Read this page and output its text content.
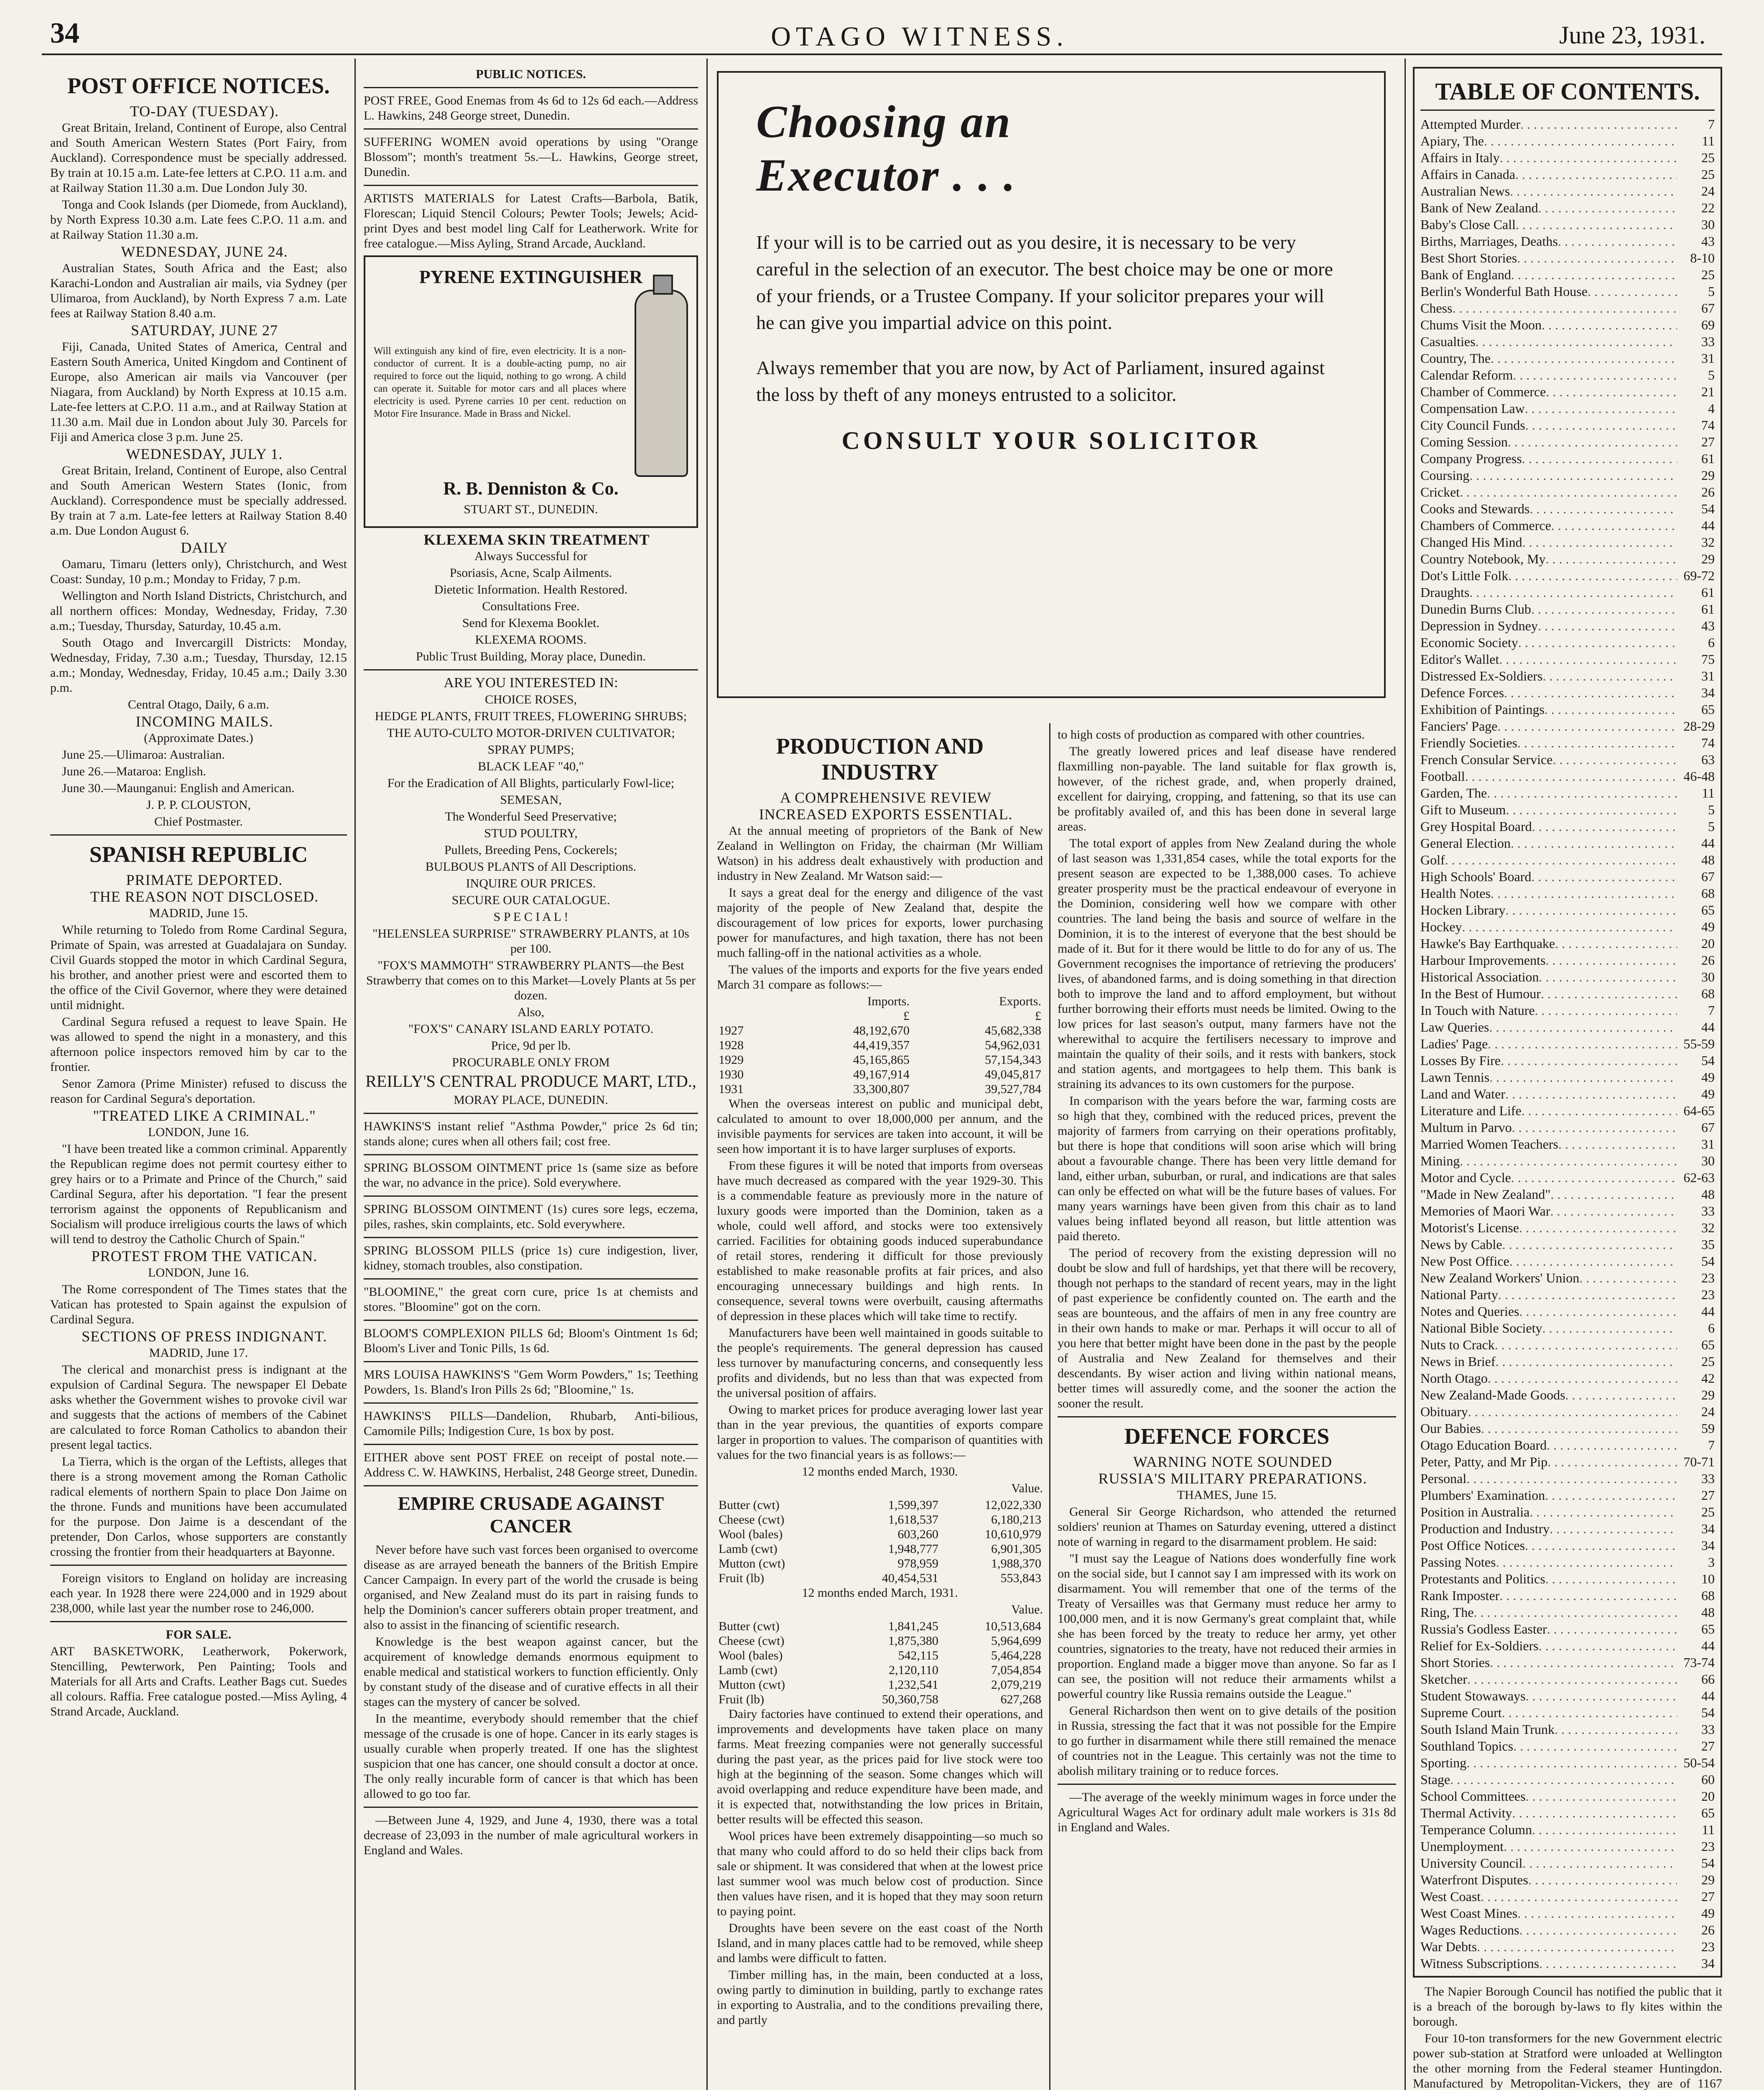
34	OTAGO WITNESS.	June 23, 1931.
POST OFFICE NOTICES.

TO-DAY (TUESDAY).

Great Britain, Ireland, Continent of Europe, also Central and South American Western States (Port Fairy, from Auckland). Correspondence must be specially addressed. By train at 10.15 a.m. Late-fee letters at C.P.O. 11 a.m. and at Railway Station 11.30 a.m. Due London July 30.

Tonga and Cook Islands (per Diomede, from Auckland), by North Express 10.30 a.m. Late fees C.P.O. 11 a.m. and at Railway Station 11.30 a.m.

WEDNESDAY, JUNE 24.

Australian States, South Africa and the East; also Karachi-London and Australian air mails, via Sydney (per Ulimaroa, from Auckland), by North Express 7 a.m. Late fees at Railway Station 8.40 a.m.

SATURDAY, JUNE 27

Fiji, Canada, United States of America, Central and Eastern South America, United Kingdom and Continent of Europe, also American air mails via Vancouver (per Niagara, from Auckland) by North Express at 10.15 a.m. Late-fee letters at C.P.O. 11 a.m., and at Railway Station at 11.30 a.m. Mail due in London about July 30. Parcels for Fiji and America close 3 p.m. June 25.

WEDNESDAY, JULY 1.

Great Britain, Ireland, Continent of Europe, also Central and South American Western States (Ionic, from Auckland). Correspondence must be specially addressed. By train at 7 a.m. Late-fee letters at Railway Station 8.40 a.m. Due London August 6.

DAILY

Oamaru, Timaru (letters only), Christchurch, and West Coast: Sunday, 10 p.m.; Monday to Friday, 7 p.m.

Wellington and North Island Districts, Christchurch, and all northern offices: Monday, Wednesday, Friday, 7.30 a.m.; Tuesday, Thursday, Saturday, 10.45 a.m.

South Otago and Invercargill Districts: Monday, Wednesday, Friday, 7.30 a.m.; Tuesday, Thursday, 12.15 a.m.; Monday, Wednesday, Friday, 10.45 a.m.; Daily 3.30 p.m.

Central Otago, Daily, 6 a.m.

INCOMING MAILS.

(Approximate Dates.)

June 25.—Ulimaroa: Australian.

June 26.—Mataroa: English.

June 30.—Maunganui: English and American.

J. P. P. CLOUSTON,

Chief Postmaster.

SPANISH REPUBLIC

PRIMATE DEPORTED.

THE REASON NOT DISCLOSED.

MADRID, June 15.

While returning to Toledo from Rome Cardinal Segura, Primate of Spain, was arrested at Guadalajara on Sunday. Civil Guards stopped the motor in which Cardinal Segura, his brother, and another priest were and escorted them to the office of the Civil Governor, where they were detained until midnight.

Cardinal Segura refused a request to leave Spain. He was allowed to spend the night in a monastery, and this afternoon police inspectors removed him by car to the frontier.

Senor Zamora (Prime Minister) refused to discuss the reason for Cardinal Segura's deportation.

"TREATED LIKE A CRIMINAL."

LONDON, June 16.

"I have been treated like a common criminal. Apparently the Republican regime does not permit courtesy either to grey hairs or to a Primate and Prince of the Church," said Cardinal Segura, after his deportation. "I fear the present terrorism against the opponents of Republicanism and Socialism will produce irreligious courts the laws of which will tend to destroy the Catholic Church of Spain."

PROTEST FROM THE VATICAN.

LONDON, June 16.

The Rome correspondent of The Times states that the Vatican has protested to Spain against the expulsion of Cardinal Segura.

SECTIONS OF PRESS INDIGNANT.

MADRID, June 17.

The clerical and monarchist press is indignant at the expulsion of Cardinal Segura. The newspaper El Debate asks whether the Government wishes to provoke civil war and suggests that the actions of members of the Cabinet are calculated to force Roman Catholics to abandon their present legal tactics.

La Tierra, which is the organ of the Leftists, alleges that there is a strong movement among the Roman Catholic radical elements of northern Spain to place Don Jaime on the throne. Funds and munitions have been accumulated for the purpose. Don Jaime is a descendant of the pretender, Don Carlos, whose supporters are constantly crossing the frontier from their headquarters at Bayonne.

Foreign visitors to England on holiday are increasing each year. In 1928 there were 224,000 and in 1929 about 238,000, while last year the number rose to 246,000.

FOR SALE.

ART BASKETWORK, Leatherwork, Pokerwork, Stencilling, Pewterwork, Pen Painting; Tools and Materials for all Arts and Crafts. Leather Bags cut. Suedes all colours. Raffia. Free catalogue posted.—Miss Ayling, 4 Strand Arcade, Auckland.

PUBLIC NOTICES.

POST FREE, Good Enemas from 4s 6d to 12s 6d each.—Address L. Hawkins, 248 George street, Dunedin.

SUFFERING WOMEN avoid operations by using "Orange Blossom"; month's treatment 5s.—L. Hawkins, George street, Dunedin.

ARTISTS MATERIALS for Latest Crafts—Barbola, Batik, Florescan; Liquid Stencil Colours; Pewter Tools; Jewels; Acid-print Dyes and best model ling Calf for Leatherwork. Write for free catalogue.—Miss Ayling, Strand Arcade, Auckland.

PYRENE EXTINGUISHER

Will extinguish any kind of fire, even electricity. It is a non-conductor of current. It is a double-acting pump, no air required to force out the liquid, nothing to go wrong. A child can operate it. Suitable for motor cars and all places where electricity is used. Pyrene carries 10 per cent. reduction on Motor Fire Insurance. Made in Brass and Nickel.

R. B. Denniston & Co.

STUART ST., DUNEDIN.

KLEXEMA SKIN TREATMENT

Always Successful for

Psoriasis, Acne, Scalp Ailments.

Dietetic Information. Health Restored.

Consultations Free.

Send for Klexema Booklet.

KLEXEMA ROOMS.

Public Trust Building, Moray place, Dunedin.

ARE YOU INTERESTED IN:

CHOICE ROSES,

HEDGE PLANTS, FRUIT TREES, FLOWERING SHRUBS;

THE AUTO-CULTO MOTOR-DRIVEN CULTIVATOR;

SPRAY PUMPS;

BLACK LEAF "40,"

For the Eradication of All Blights, particularly Fowl-lice;

SEMESAN,

The Wonderful Seed Preservative;

STUD POULTRY,

Pullets, Breeding Pens, Cockerels;

BULBOUS PLANTS of All Descriptions.

INQUIRE OUR PRICES.

SECURE OUR CATALOGUE.

S P E C I A L !

"HELENSLEA SURPRISE" STRAWBERRY PLANTS, at 10s per 100.

"FOX'S MAMMOTH" STRAWBERRY PLANTS—the Best Strawberry that comes on to this Market—Lovely Plants at 5s per dozen.

Also,

"FOX'S" CANARY ISLAND EARLY POTATO.

Price, 9d per lb.

PROCURABLE ONLY FROM

REILLY'S CENTRAL PRODUCE MART, LTD.,

MORAY PLACE, DUNEDIN.

HAWKINS'S instant relief "Asthma Powder," price 2s 6d tin; stands alone; cures when all others fail; cost free.

SPRING BLOSSOM OINTMENT price 1s (same size as before the war, no advance in the price). Sold everywhere.

SPRING BLOSSOM OINTMENT (1s) cures sore legs, eczema, piles, rashes, skin complaints, etc. Sold everywhere.

SPRING BLOSSOM PILLS (price 1s) cure indigestion, liver, kidney, stomach troubles, also constipation.

"BLOOMINE," the great corn cure, price 1s at chemists and stores. "Bloomine" got on the corn.

BLOOM'S COMPLEXION PILLS 6d; Bloom's Ointment 1s 6d; Bloom's Liver and Tonic Pills, 1s 6d.

MRS LOUISA HAWKINS'S "Gem Worm Powders," 1s; Teething Powders, 1s. Bland's Iron Pills 2s 6d; "Bloomine," 1s.

HAWKINS'S PILLS—Dandelion, Rhubarb, Anti-bilious, Camomile Pills; Indigestion Cure, 1s box by post.

EITHER above sent POST FREE on receipt of postal note.—Address C. W. HAWKINS, Herbalist, 248 George street, Dunedin.

EMPIRE CRUSADE AGAINST CANCER

Never before have such vast forces been organised to overcome disease as are arrayed beneath the banners of the British Empire Cancer Campaign. In every part of the world the crusade is being organised, and New Zealand must do its part in raising funds to help the Dominion's cancer sufferers obtain proper treatment, and also to assist in the financing of scientific research.

Knowledge is the best weapon against cancer, but the acquirement of knowledge demands enormous equipment to enable medical and statistical workers to function efficiently. Only by constant study of the disease and of curative effects in all their stages can the mystery of cancer be solved.

In the meantime, everybody should remember that the chief message of the crusade is one of hope. Cancer in its early stages is usually curable when properly treated. If one has the slightest suspicion that one has cancer, one should consult a doctor at once. The only really incurable form of cancer is that which has been allowed to go too far.

—Between June 4, 1929, and June 4, 1930, there was a total decrease of 23,093 in the number of male agricultural workers in England and Wales.

Choosing an
Executor . . .

If your will is to be carried out as you desire, it is necessary to be very careful in the selection of an executor. The best choice may be one or more of your friends, or a Trustee Company. If your solicitor prepares your will he can give you impartial advice on this point.

Always remember that you are now, by Act of Parliament, insured against the loss by theft of any moneys entrusted to a solicitor.

CONSULT YOUR SOLICITOR
PRODUCTION AND INDUSTRY

A COMPREHENSIVE REVIEW

INCREASED EXPORTS ESSENTIAL.

At the annual meeting of proprietors of the Bank of New Zealand in Wellington on Friday, the chairman (Mr William Watson) in his address dealt exhaustively with production and industry in New Zealand. Mr Watson said:—

It says a great deal for the energy and diligence of the vast majority of the people of New Zealand that, despite the discouragement of low prices for exports, lower purchasing power for manufactures, and high taxation, there has not been much falling-off in the national activities as a whole.

The values of the imports and exports for the five years ended March 31 compare as follows:—

	Imports.	Exports.
	£	£
1927	48,192,670	45,682,338
1928	44,419,357	54,962,031
1929	45,165,865	57,154,343
1930	49,167,914	49,045,817
1931	33,300,807	39,527,784

When the overseas interest on public and municipal debt, calculated to amount to over 18,000,000 per annum, and the invisible payments for services are taken into account, it will be seen how important it is to have larger surpluses of exports.

From these figures it will be noted that imports from overseas have much decreased as compared with the year 1929-30. This is a commendable feature as previously more in the nature of luxury goods were imported than the Dominion, taken as a whole, could well afford, and stocks were too extensively carried. Facilities for obtaining goods induced superabundance of retail stores, rendering it difficult for those previously established to make reasonable profits at fair prices, and also encouraging unnecessary buildings and high rents. In consequence, several towns were overbuilt, causing aftermaths of depression in these places which will take time to rectify.

Manufacturers have been well maintained in goods suitable to the people's requirements. The general depression has caused less turnover by manufacturing concerns, and consequently less profits and dividends, but no less than that was expected from the universal position of affairs.

Owing to market prices for produce averaging lower last year than in the year previous, the quantities of exports compare larger in proportion to values. The comparison of quantities with values for the two financial years is as follows:—

12 months ended March, 1930.

Value.

Butter (cwt)	1,599,397	12,022,330
Cheese (cwt)	1,618,537	6,180,213
Wool (bales)	603,260	10,610,979
Lamb (cwt)	1,948,777	6,901,305
Mutton (cwt)	978,959	1,988,370
Fruit (lb)	40,454,531	553,843

12 months ended March, 1931.

Value.

Butter (cwt)	1,841,245	10,513,684
Cheese (cwt)	1,875,380	5,964,699
Wool (bales)	542,115	5,464,228
Lamb (cwt)	2,120,110	7,054,854
Mutton (cwt)	1,232,541	2,079,219
Fruit (lb)	50,360,758	627,268

Dairy factories have continued to extend their operations, and improvements and developments have taken place on many farms. Meat freezing companies were not generally successful during the past year, as the prices paid for live stock were too high at the beginning of the season. Some changes which will avoid overlapping and reduce expenditure have been made, and it is expected that, notwithstanding the low prices in Britain, better results will be effected this season.

Wool prices have been extremely disappointing—so much so that many who could afford to do so held their clips back from sale or shipment. It was considered that when at the lowest price last summer wool was much below cost of production. Since then values have risen, and it is hoped that they may soon return to paying point.

Droughts have been severe on the east coast of the North Island, and in many places cattle had to be removed, while sheep and lambs were difficult to fatten.

Timber milling has, in the main, been conducted at a loss, owing partly to diminution in building, partly to exchange rates in exporting to Australia, and to the conditions prevailing there, and partly

to high costs of production as compared with other countries.

The greatly lowered prices and leaf disease have rendered flaxmilling non-payable. The land suitable for flax growth is, however, of the richest grade, and, when properly drained, excellent for dairying, cropping, and fattening, so that its use can be profitably availed of, and this has been done in several large areas.

The total export of apples from New Zealand during the whole of last season was 1,331,854 cases, while the total exports for the present season are expected to be 1,388,000 cases. To achieve greater prosperity must be the practical endeavour of everyone in the Dominion, considering well how we compare with other countries. The land being the basis and source of welfare in the Dominion, it is to the interest of everyone that the best should be made of it. But for it there would be little to do for any of us. The Government recognises the importance of retrieving the producers' lives, of abandoned farms, and is doing something in that direction both to improve the land and to afford employment, but without further borrowing their efforts must needs be limited. Owing to the low prices for last season's output, many farmers have not the wherewithal to acquire the fertilisers necessary to improve and maintain the quality of their soils, and it rests with bankers, stock and station agents, and mortgagees to help them. This bank is straining its advances to its own customers for the purpose.

In comparison with the years before the war, farming costs are so high that they, combined with the reduced prices, prevent the majority of farmers from carrying on their operations profitably, but there is hope that conditions will soon arise which will bring about a favourable change. There has been very little demand for land, either urban, suburban, or rural, and indications are that sales can only be effected on what will be the future bases of values. For many years warnings have been given from this chair as to land values being inflated beyond all reason, but little attention was paid thereto.

The period of recovery from the existing depression will no doubt be slow and full of hardships, yet that there will be recovery, though not perhaps to the standard of recent years, may in the light of past experience be confidently counted on. The earth and the seas are bounteous, and the affairs of men in any free country are in their own hands to make or mar. Perhaps it will occur to all of you here that better might have been done in the past by the people of Australia and New Zealand for themselves and their descendants. By wiser action and living within national means, better times will assuredly come, and the sooner the action the sooner the result.

DEFENCE FORCES

WARNING NOTE SOUNDED

RUSSIA'S MILITARY PREPARATIONS.

THAMES, June 15.

General Sir George Richardson, who attended the returned soldiers' reunion at Thames on Saturday evening, uttered a distinct note of warning in regard to the disarmament problem. He said:

"I must say the League of Nations does wonderfully fine work on the social side, but I cannot say I am impressed with its work on disarmament. You will remember that one of the terms of the Treaty of Versailles was that Germany must reduce her army to 100,000 men, and it is now Germany's great complaint that, while she has been forced by the treaty to reduce her army, yet other countries, signatories to the treaty, have not reduced their armies in proportion. England made a bigger move than anyone. So far as I can see, the position will not reduce their armaments whilst a powerful country like Russia remains outside the League."

General Richardson then went on to give details of the position in Russia, stressing the fact that it was not possible for the Empire to go further in disarmament while there still remained the menace of countries not in the League. This certainly was not the time to abolish military training or to reduce forces.

—The average of the weekly minimum wages in force under the Agricultural Wages Act for ordinary adult male workers is 31s 8d in England and Wales.

TABLE OF CONTENTS.
Attempted Murder . . .	7
Apiary, The . . .	11
Affairs in Italy . . .	25
Affairs in Canada . . .	25
Australian News . . .	24
Bank of New Zealand . . .	22
Baby's Close Call . . .	30
Births, Marriages, Deaths . . .	43
Best Short Stories . . .	8-10
Bank of England . . .	25
Berlin's Wonderful Bath House . . .	5
Chess . . .	67
Chums Visit the Moon . . .	69
Casualties . . .	33
Country, The . . .	31
Calendar Reform . . .	5
Chamber of Commerce . . .	21
Compensation Law . . .	4
City Council Funds . . .	74
Coming Session . . .	27
Company Progress . . .	61
Coursing . . .	29
Cricket . . .	26
Cooks and Stewards . . .	54
Chambers of Commerce . . .	44
Changed His Mind . . .	32
Country Notebook, My . . .	29
Dot's Little Folk . . .	69-72
Draughts . . .	61
Dunedin Burns Club . . .	61
Depression in Sydney . . .	43
Economic Society . . .	6
Editor's Wallet . . .	75
Distressed Ex-Soldiers . . .	31
Defence Forces . . .	34
Exhibition of Paintings . . .	65
Fanciers' Page . . .	28-29
Friendly Societies . . .	74
French Consular Service . . .	63
Football . . .	46-48
Garden, The . . .	11
Gift to Museum . . .	5
Grey Hospital Board . . .	5
General Election . . .	44
Golf . . .	48
High Schools' Board . . .	67
Health Notes . . .	68
Hocken Library . . .	65
Hockey . . .	49
Hawke's Bay Earthquake . . .	20
Harbour Improvements . . .	26
Historical Association . . .	30
In the Best of Humour . . .	68
In Touch with Nature . . .	7
Law Queries . . .	44
Ladies' Page . . .	55-59
Losses By Fire . . .	54
Lawn Tennis . . .	49
Land and Water . . .	49
Literature and Life . . .	64-65
Multum in Parvo . . .	67
Married Women Teachers . . .	31
Mining . . .	30
Motor and Cycle . . .	62-63
"Made in New Zealand" . . .	48
Memories of Maori War . . .	33
Motorist's License . . .	32
News by Cable . . .	35
New Post Office . . .	54
New Zealand Workers' Union . . .	23
National Party . . .	23
Notes and Queries . . .	44
National Bible Society . . .	6
Nuts to Crack . . .	65
News in Brief . . .	25
North Otago . . .	42
New Zealand-Made Goods . . .	29
Obituary . . .	24
Our Babies . . .	59
Otago Education Board . . .	7
Peter, Patty, and Mr Pip . . .	70-71
Personal . . .	33
Plumbers' Examination . . .	27
Position in Australia . . .	25
Production and Industry . . .	34
Post Office Notices . . .	34
Passing Notes . . .	3
Protestants and Politics . . .	10
Rank Imposter . . .	68
Ring, The . . .	48
Russia's Godless Easter . . .	65
Relief for Ex-Soldiers . . .	44
Short Stories . . .	73-74
Sketcher . . .	66
Student Stowaways . . .	44
Supreme Court . . .	54
South Island Main Trunk . . .	33
Southland Topics . . .	27
Sporting . . .	50-54
Stage . . .	60
School Committees . . .	20
Thermal Activity . . .	65
Temperance Column . . .	11
Unemployment . . .	23
University Council . . .	54
Waterfront Disputes . . .	29
West Coast . . .	27
West Coast Mines . . .	49
Wages Reductions . . .	26
War Debts . . .	23
Witness Subscriptions . . .	34

The Napier Borough Council has notified the public that it is a breach of the borough by-laws to fly kites within the borough.

Four 10-ton transformers for the new Government electric power sub-station at Stratford were unloaded at Wellington the other morning from the Federal steamer Huntingdon. Manufactured by Metropolitan-Vickers, they are of 1167
